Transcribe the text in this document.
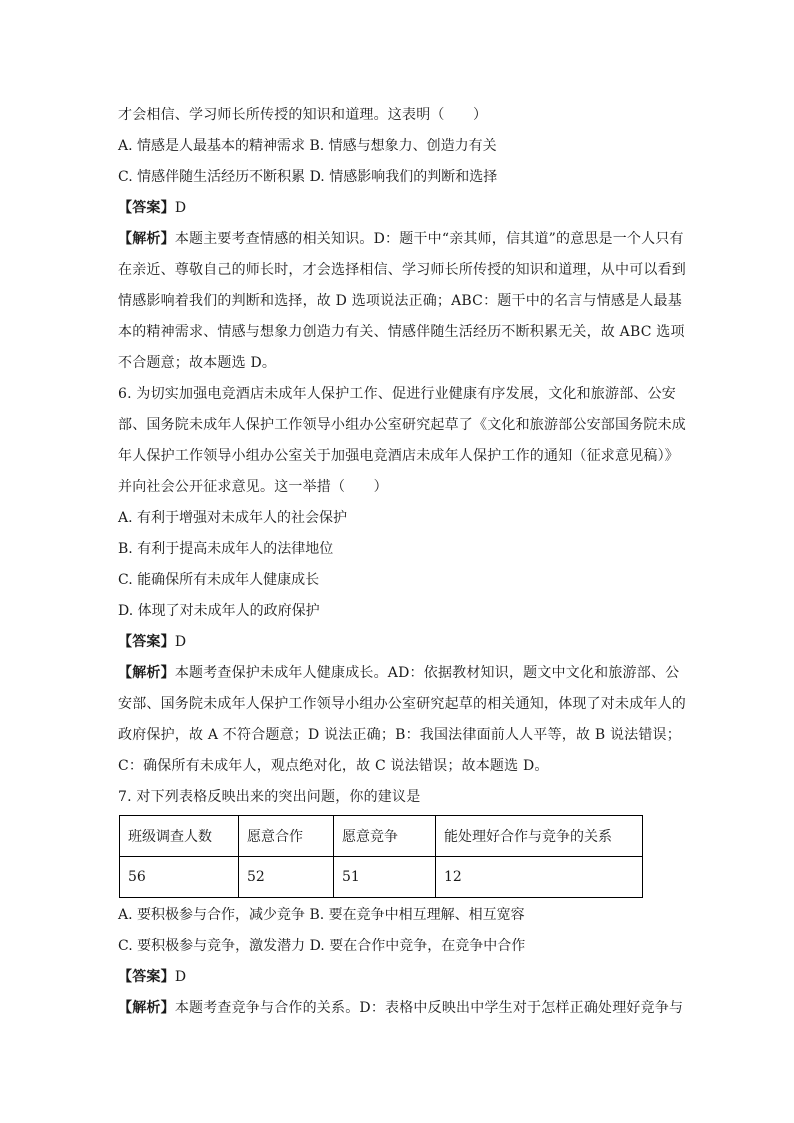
才会相信、学习师长所传授的知识和道理。这表明（　　）
A. 情感是人最基本的精神需求 B. 情感与想象力、创造力有关
C. 情感伴随生活经历不断积累 D. 情感影响我们的判断和选择
【答案】D
【解析】本题主要考查情感的相关知识。D：题干中“亲其师，信其道”的意思是一个人只有
在亲近、尊敬自己的师长时，才会选择相信、学习师长所传授的知识和道理，从中可以看到
情感影响着我们的判断和选择，故 D 选项说法正确；ABC：题干中的名言与情感是人最基
本的精神需求、情感与想象力创造力有关、情感伴随生活经历不断积累无关，故 ABC 选项
不合题意；故本题选 D。
6. 为切实加强电竞酒店未成年人保护工作、促进行业健康有序发展，文化和旅游部、公安
部、国务院未成年人保护工作领导小组办公室研究起草了《文化和旅游部公安部国务院未成
年人保护工作领导小组办公室关于加强电竞酒店未成年人保护工作的通知（征求意见稿）》
并向社会公开征求意见。这一举措（　　）
A. 有利于增强对未成年人的社会保护
B. 有利于提高未成年人的法律地位
C. 能确保所有未成年人健康成长
D. 体现了对未成年人的政府保护
【答案】D
【解析】本题考查保护未成年人健康成长。AD：依据教材知识，题文中文化和旅游部、公
安部、国务院未成年人保护工作领导小组办公室研究起草的相关通知，体现了对未成年人的
政府保护，故 A 不符合题意；D 说法正确；B：我国法律面前人人平等，故 B 说法错误；
C：确保所有未成年人，观点绝对化，故 C 说法错误；故本题选 D。
7. 对下列表格反映出来的突出问题，你的建议是
班级调查人数	愿意合作	愿意竞争	能处理好合作与竞争的关系
56	52	51	12
A. 要积极参与合作，减少竞争 B. 要在竞争中相互理解、相互宽容
C. 要积极参与竞争，激发潜力 D. 要在合作中竞争，在竞争中合作
【答案】D
【解析】本题考查竞争与合作的关系。D：表格中反映出中学生对于怎样正确处理好竞争与
